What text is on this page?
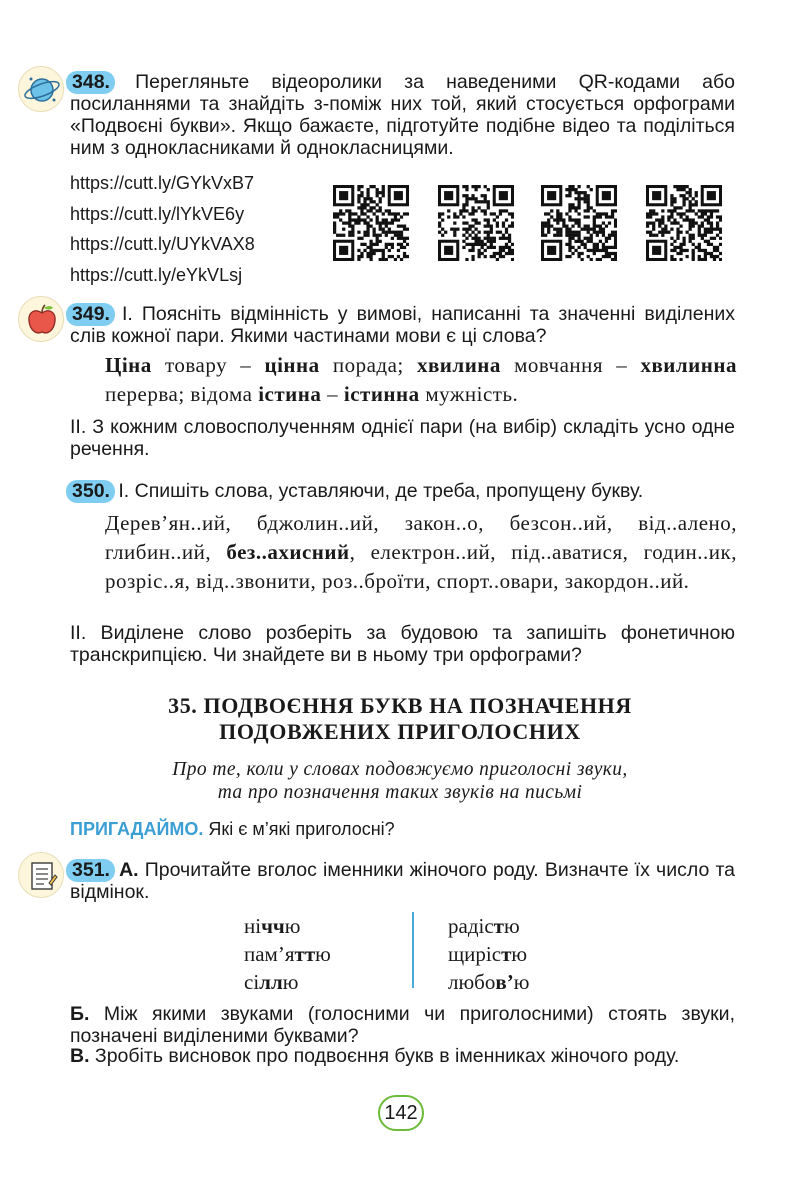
348. Перегляньте відеоролики за наведеними QR-кодами або посиланнями та знайдіть з-поміж них той, який стосується орфограми «Подвоєні букви». Якщо бажаєте, підготуйте подібне відео та поділіться ним з однокласниками й однокласницями.

https://cutt.ly/GYkVxB7
https://cutt.ly/lYkVE6y
https://cutt.ly/UYkVAX8
https://cutt.ly/eYkVLsj

349. І. Поясніть відмінність у вимові, написанні та значенні виділених слів кожної пари. Якими частинами мови є ці слова?

Ціна товару – цінна порада; хвилина мовчання – хвилинна перерва; відома істина – істинна мужність.

ІІ. З кожним словосполученням однієї пари (на вибір) складіть усно одне речення.

350. І. Спишіть слова, уставляючи, де треба, пропущену букву.

Дерев’ян..ий, бджолин..ий, закон..о, безсон..ий, від..алено, глибин..ий, без..ахисний, електрон..ий, під..аватися, годин..ик, розріс..я, від..звонити, роз..броїти, спорт..овари, закордон..ий.

ІІ. Виділене слово розберіть за будовою та запишіть фонетичною транскрипцією. Чи знайдете ви в ньому три орфограми?

35. ПОДВОЄННЯ БУКВ НА ПОЗНАЧЕННЯ
ПОДОВЖЕНИХ ПРИГОЛОСНИХ
Про те, коли у словах подовжуємо приголосні звуки,
та про позначення таких звуків на письмі

ПРИГАДАЙМО. Які є м’які приголосні?

351. А. Прочитайте вголос іменники жіночого роду. Визначте їх число та відмінок.

ніччю
пам’яттю
сіллю
радістю
щирістю
любов’ю

Б. Між якими звуками (голосними чи приголосними) стоять звуки, позначені виділеними буквами?

В. Зробіть висновок про подвоєння букв в іменниках жіночого роду.

142
